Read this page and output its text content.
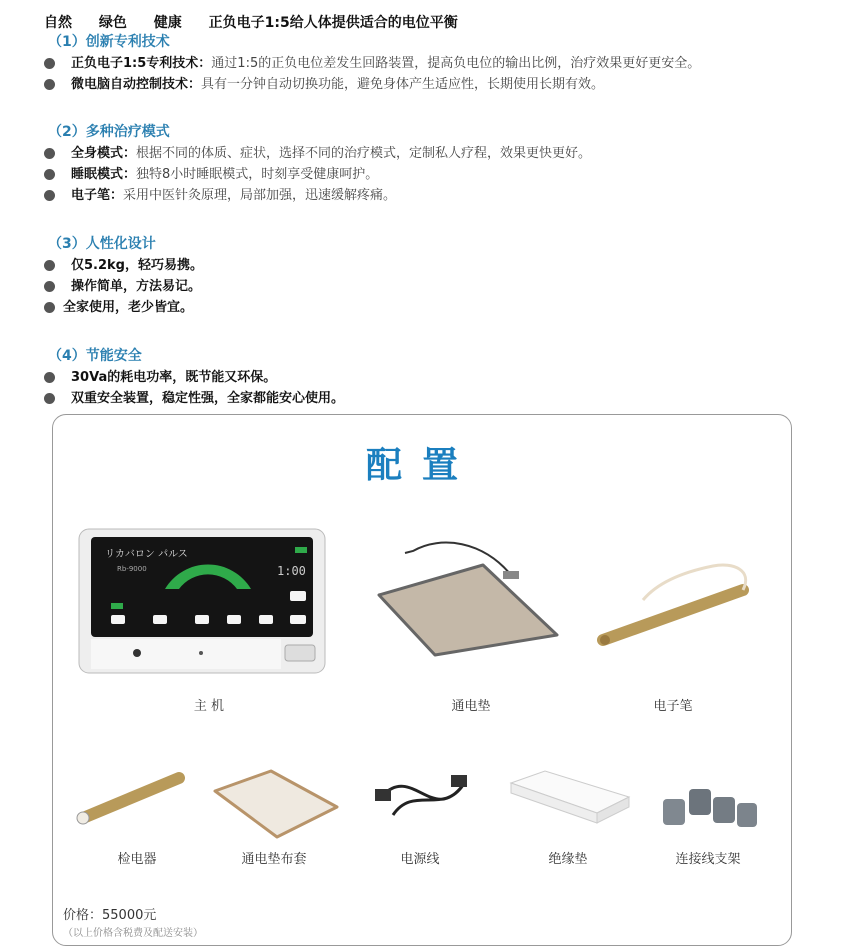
自然 绿色 健康 正负电子1:5给人体提供适合的电位平衡
（1）创新专利技术
正负电子1:5专利技术： 通过1:5的正负电位差发生回路装置，提高负电位的输出比例，治疗效果更好更安全。
微电脑自动控制技术： 具有一分钟自动切换功能，避免身体产生适应性，长期使用长期有效。
（2）多种治疗模式
全身模式： 根据不同的体质、症状，选择不同的治疗模式，定制私人疗程，效果更快更好。
睡眠模式： 独特8小时睡眠模式，时刻享受健康呵护。
电子笔： 采用中医针灸原理，局部加强，迅速缓解疼痛。
（3）人性化设计
仅5.2kg，轻巧易携。
操作简单，方法易记。
全家使用，老少皆宜。
（4）节能安全
30Va的耗电功率，既节能又环保。
双重安全装置，稳定性强，全家都能安心使用。
配置
リカバロン パルス
Rb-9000	1:00
主 机	通电垫	电子笔
检电器	通电垫布套	电源线	绝缘垫	连接线支架
价格：55000元
（以上价格含税费及配送安装）
